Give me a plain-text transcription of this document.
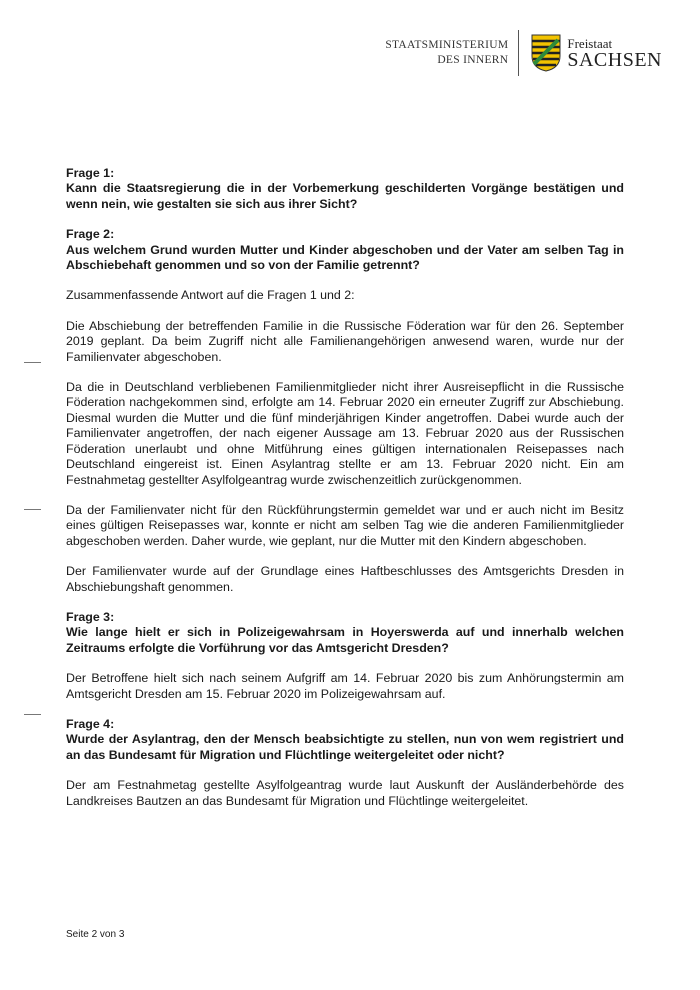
STAATSMINISTERIUM
DES INNERN
Freistaat
SACHSEN
Frage 1:
Kann die Staatsregierung die in der Vorbemerkung geschilderten Vorgänge bestätigen und wenn nein, wie gestalten sie sich aus ihrer Sicht?
Frage 2:
Aus welchem Grund wurden Mutter und Kinder abgeschoben und der Vater am selben Tag in Abschiebehaft genommen und so von der Familie getrennt?
Zusammenfassende Antwort auf die Fragen 1 und 2:
Die Abschiebung der betreffenden Familie in die Russische Föderation war für den 26. September 2019 geplant. Da beim Zugriff nicht alle Familienangehörigen anwesend waren, wurde nur der Familienvater abgeschoben.
Da die in Deutschland verbliebenen Familienmitglieder nicht ihrer Ausreisepflicht in die Russische Föderation nachgekommen sind, erfolgte am 14. Februar 2020 ein erneuter Zugriff zur Abschiebung. Diesmal wurden die Mutter und die fünf minderjährigen Kinder angetroffen. Dabei wurde auch der Familienvater angetroffen, der nach eigener Aussage am 13. Februar 2020 aus der Russischen Föderation unerlaubt und ohne Mitführung eines gültigen internationalen Reisepasses nach Deutschland eingereist ist. Einen Asylantrag stellte er am 13. Februar 2020 nicht. Ein am Festnahmetag gestellter Asylfolgeantrag wurde zwischenzeitlich zurückgenommen.
Da der Familienvater nicht für den Rückführungstermin gemeldet war und er auch nicht im Besitz eines gültigen Reisepasses war, konnte er nicht am selben Tag wie die anderen Familienmitglieder abgeschoben werden. Daher wurde, wie geplant, nur die Mutter mit den Kindern abgeschoben.
Der Familienvater wurde auf der Grundlage eines Haftbeschlusses des Amtsgerichts Dresden in Abschiebungshaft genommen.
Frage 3:
Wie lange hielt er sich in Polizeigewahrsam in Hoyerswerda auf und innerhalb welchen Zeitraums erfolgte die Vorführung vor das Amtsgericht Dresden?
Der Betroffene hielt sich nach seinem Aufgriff am 14. Februar 2020 bis zum Anhörungstermin am Amtsgericht Dresden am 15. Februar 2020 im Polizeigewahrsam auf.
Frage 4:
Wurde der Asylantrag, den der Mensch beabsichtigte zu stellen, nun von wem registriert und an das Bundesamt für Migration und Flüchtlinge weitergeleitet oder nicht?
Der am Festnahmetag gestellte Asylfolgeantrag wurde laut Auskunft der Ausländerbehörde des Landkreises Bautzen an das Bundesamt für Migration und Flüchtlinge weitergeleitet.
Seite 2 von 3
